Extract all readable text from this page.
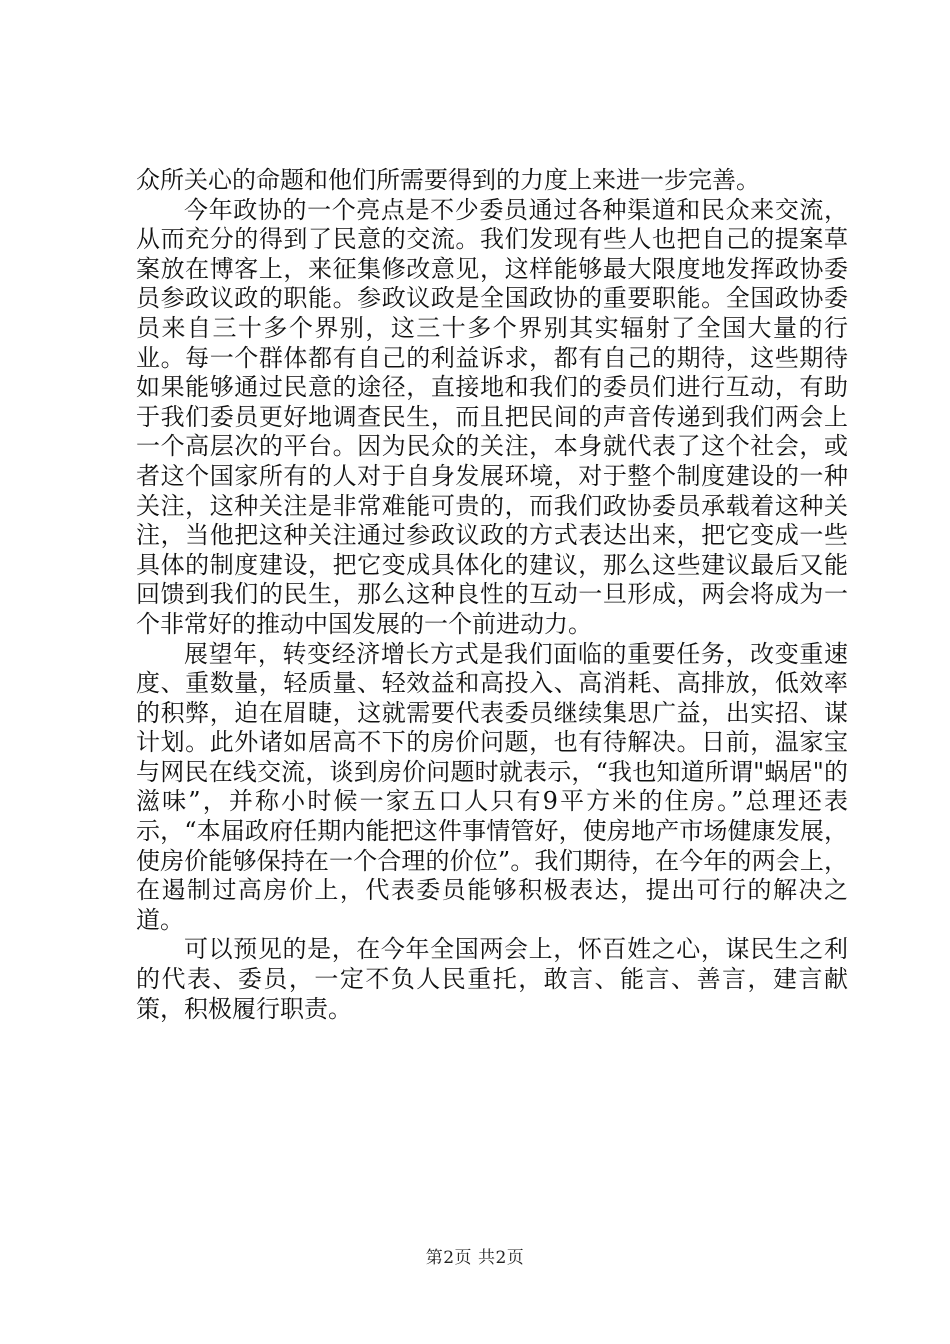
众所关心的命题和他们所需要得到的力度上来进一步完善。

今年政协的一个亮点是不少委员通过各种渠道和民众来交流，从而充分的得到了民意的交流。我们发现有些人也把自己的提案草案放在博客上，来征集修改意见，这样能够最大限度地发挥政协委员参政议政的职能。参政议政是全国政协的重要职能。全国政协委员来自三十多个界别，这三十多个界别其实辐射了全国大量的行业。每一个群体都有自己的利益诉求，都有自己的期待，这些期待如果能够通过民意的途径，直接地和我们的委员们进行互动，有助于我们委员更好地调查民生，而且把民间的声音传递到我们两会上一个高层次的平台。因为民众的关注，本身就代表了这个社会，或者这个国家所有的人对于自身发展环境，对于整个制度建设的一种关注，这种关注是非常难能可贵的，而我们政协委员承载着这种关注，当他把这种关注通过参政议政的方式表达出来，把它变成一些具体的制度建设，把它变成具体化的建议，那么这些建议最后又能回馈到我们的民生，那么这种良性的互动一旦形成，两会将成为一个非常好的推动中国发展的一个前进动力。

展望年，转变经济增长方式是我们面临的重要任务，改变重速度、重数量，轻质量、轻效益和高投入、高消耗、高排放，低效率的积弊，迫在眉睫，这就需要代表委员继续集思广益，出实招、谋计划。此外诸如居高不下的房价问题，也有待解决。日前，温家宝与网民在线交流，谈到房价问题时就表示，“我也知道所谓"蜗居"的滋味”，并称小时候一家五口人只有9平方米的住房。”总理还表示，“本届政府任期内能把这件事情管好，使房地产市场健康发展，使房价能够保持在一个合理的价位”。我们期待，在今年的两会上，在遏制过高房价上，代表委员能够积极表达，提出可行的解决之道。

可以预见的是，在今年全国两会上，怀百姓之心，谋民生之利的代表、委员，一定不负人民重托，敢言、能言、善言，建言献策，积极履行职责。

第2页 共2页
